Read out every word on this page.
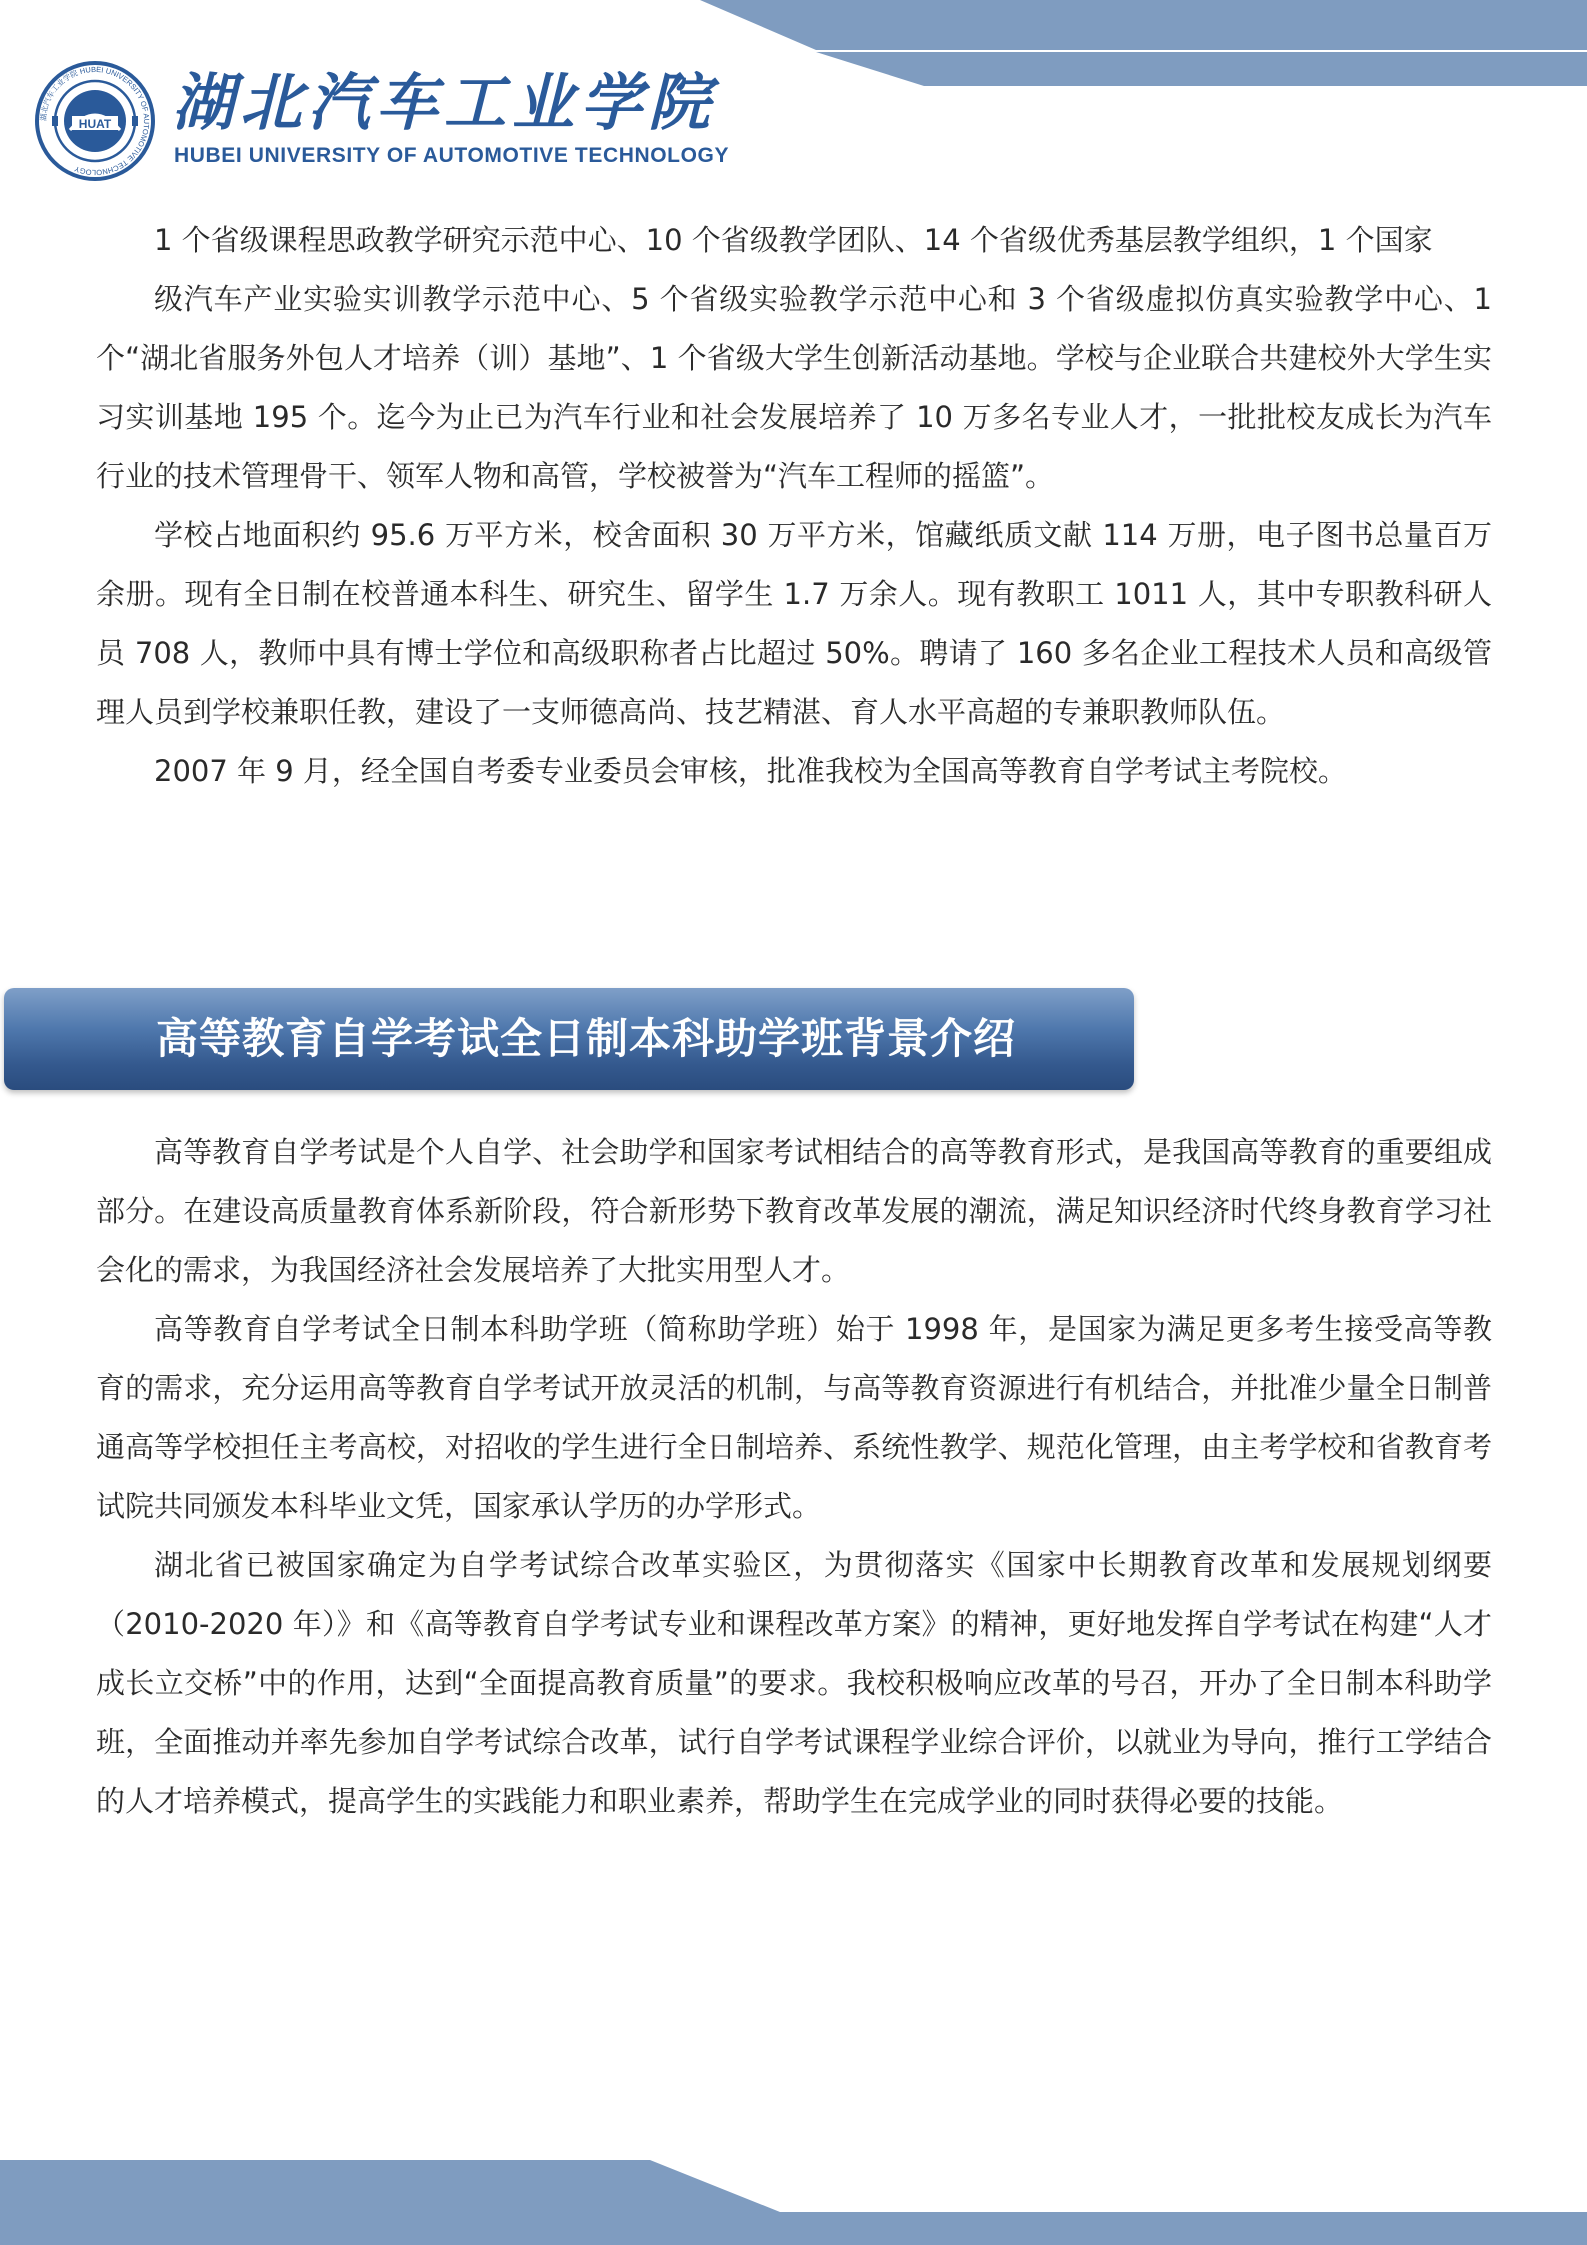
HUAT
湖北汽车工业学院 HUBEI UNIVERSITY OF AUTOMOTIVE TECHNOLOGY
湖北汽车工业学院
HUBEI UNIVERSITY OF AUTOMOTIVE TECHNOLOGY

1 个省级课程思政教学研究示范中心、10 个省级教学团队、14 个省级优秀基层教学组织，1 个国家

级汽车产业实验实训教学示范中心、5 个省级实验教学示范中心和 3 个省级虚拟仿真实验教学中心、1 个“湖北省服务外包人才培养（训）基地”、1 个省级大学生创新活动基地。学校与企业联合共建校外大学生实习实训基地 195 个。迄今为止已为汽车行业和社会发展培养了 10 万多名专业人才，一批批校友成长为汽车行业的技术管理骨干、领军人物和高管，学校被誉为“汽车工程师的摇篮”。

学校占地面积约 95.6 万平方米，校舍面积 30 万平方米，馆藏纸质文献 114 万册，电子图书总量百万余册。现有全日制在校普通本科生、研究生、留学生 1.7 万余人。现有教职工 1011 人，其中专职教科研人员 708 人，教师中具有博士学位和高级职称者占比超过 50%。聘请了 160 多名企业工程技术人员和高级管理人员到学校兼职任教，建设了一支师德高尚、技艺精湛、育人水平高超的专兼职教师队伍。

2007 年 9 月，经全国自考委专业委员会审核，批准我校为全国高等教育自学考试主考院校。

高等教育自学考试全日制本科助学班背景介绍

高等教育自学考试是个人自学、社会助学和国家考试相结合的高等教育形式，是我国高等教育的重要组成部分。在建设高质量教育体系新阶段，符合新形势下教育改革发展的潮流，满足知识经济时代终身教育学习社会化的需求，为我国经济社会发展培养了大批实用型人才。

高等教育自学考试全日制本科助学班（简称助学班）始于 1998 年，是国家为满足更多考生接受高等教育的需求，充分运用高等教育自学考试开放灵活的机制，与高等教育资源进行有机结合，并批准少量全日制普通高等学校担任主考高校，对招收的学生进行全日制培养、系统性教学、规范化管理，由主考学校和省教育考试院共同颁发本科毕业文凭，国家承认学历的办学形式。

湖北省已被国家确定为自学考试综合改革实验区，为贯彻落实《国家中长期教育改革和发展规划纲要（2010-2020 年）》和《高等教育自学考试专业和课程改革方案》的精神，更好地发挥自学考试在构建“人才成长立交桥”中的作用，达到“全面提高教育质量”的要求。我校积极响应改革的号召，开办了全日制本科助学班，全面推动并率先参加自学考试综合改革，试行自学考试课程学业综合评价，以就业为导向，推行工学结合的人才培养模式，提高学生的实践能力和职业素养，帮助学生在完成学业的同时获得必要的技能。
